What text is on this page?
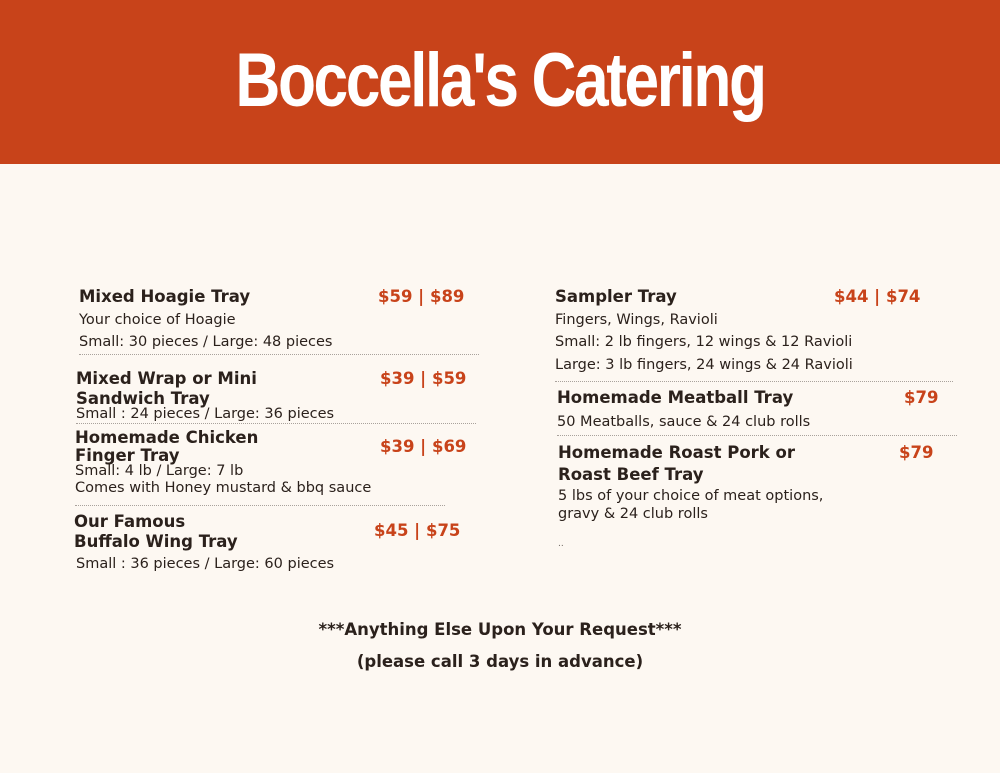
Boccella's Catering
Mixed Hoagie Tray	$59 | $89
Your choice of Hoagie
Small: 30 pieces / Large: 48 pieces
Mixed Wrap or Mini
Sandwich Tray
$39 | $59
Small : 24 pieces / Large: 36 pieces
Homemade Chicken
Finger Tray	$39 | $69
Small: 4 lb / Large: 7 lb
Comes with Honey mustard & bbq sauce
Our Famous
Buffalo Wing Tray
$45 | $75
Small : 36 pieces / Large: 60 pieces
Sampler Tray	$44 | $74
Fingers, Wings, Ravioli
Small: 2 lb fingers, 12 wings & 12 Ravioli
Large: 3 lb fingers, 24 wings & 24 Ravioli
Homemade Meatball Tray	$79
50 Meatballs, sauce & 24 club rolls
Homemade Roast Pork or
Roast Beef Tray
$79
5 lbs of your choice of meat options,
gravy & 24 club rolls
..
***Anything Else Upon Your Request***
(please call 3 days in advance)
